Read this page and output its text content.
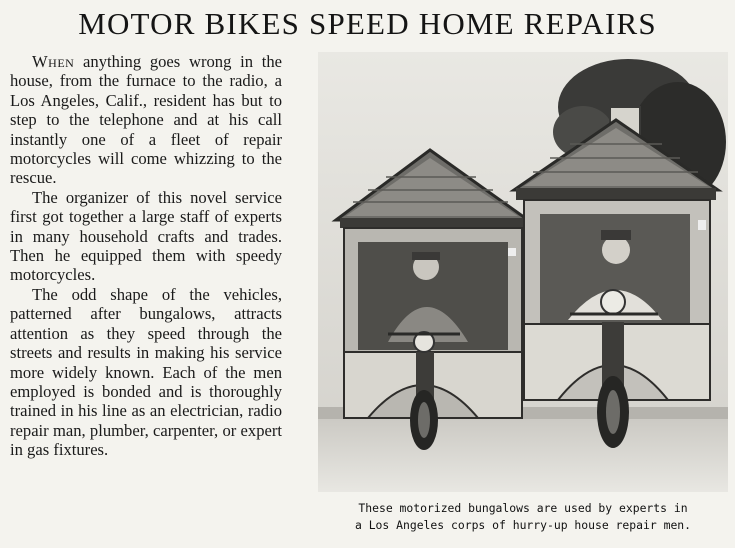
MOTOR BIKES SPEED HOME REPAIRS

When anything goes wrong in the house, from the furnace to the radio, a Los Angeles, Calif., resident has but to step to the telephone and at his call instantly one of a fleet of repair motorcycles will come whizzing to the rescue.

The organizer of this novel service first got together a large staff of experts in many household crafts and trades. Then he equipped them with speedy motorcycles.

The odd shape of the vehicles, patterned after bungalows, attracts attention as they speed through the streets and results in making his service more widely known. Each of the men employed is bonded and is thoroughly trained in his line as an electrician, radio repair man, plumber, carpenter, or expert in gas fixtures.

These motorized bungalows are used by experts in
a Los Angeles corps of hurry-up house repair men.
